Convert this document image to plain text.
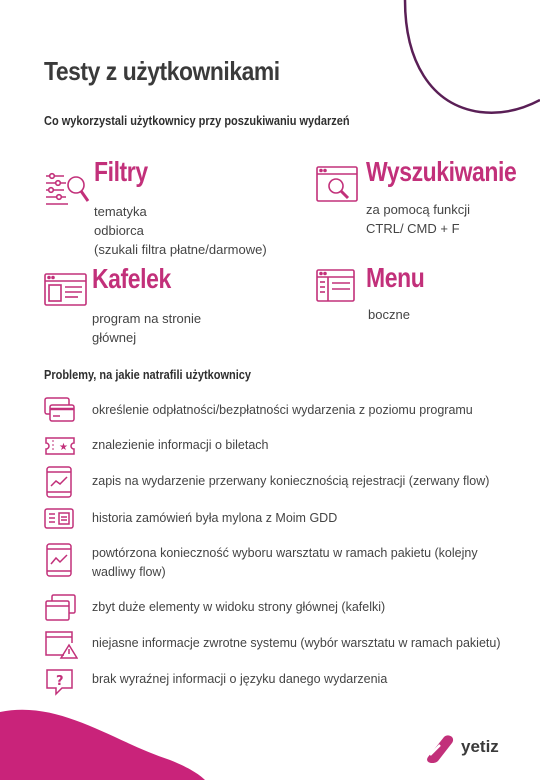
Testy z użytkownikami
Co wykorzystali użytkownicy przy poszukiwaniu wydarzeń
Filtry
tematyka
odbiorca
(szukali filtra płatne/darmowe)
Wyszukiwanie
za pomocą funkcji
CTRL/ CMD + F
Kafelek
program na stronie
głównej
Menu
boczne
Problemy, na jakie natrafili użytkownicy
określenie odpłatności/bezpłatności wydarzenia z poziomu programu
★ znalezienie informacji o biletach
zapis na wydarzenie przerwany koniecznością rejestracji (zerwany flow)
historia zamówień była mylona z Moim GDD
powtórzona konieczność wyboru warsztatu w ramach pakietu (kolejny wadliwy flow)
zbyt duże elementy w widoku strony głównej (kafelki)
niejasne informacje zwrotne systemu (wybór warsztatu w ramach pakietu)
? brak wyraźnej informacji o języku danego wydarzenia
yetiz
